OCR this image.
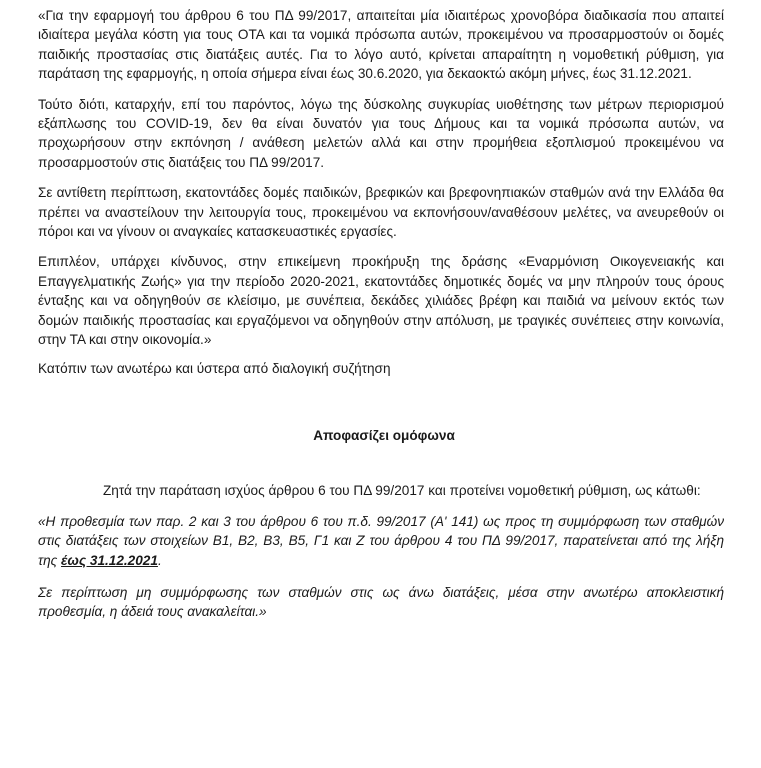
«Για την εφαρμογή του άρθρου 6 του ΠΔ 99/2017, απαιτείται μία ιδιαιτέρως χρονοβόρα διαδικασία που απαιτεί ιδιαίτερα μεγάλα κόστη για τους ΟΤΑ και τα νομικά πρόσωπα αυτών, προκειμένου να προσαρμοστούν οι δομές παιδικής προστασίας στις διατάξεις αυτές. Για το λόγο αυτό, κρίνεται απαραίτητη η νομοθετική ρύθμιση, για παράταση της εφαρμογής, η οποία σήμερα είναι έως 30.6.2020, για δεκαοκτώ ακόμη μήνες, έως 31.12.2021.

Τούτο διότι, καταρχήν, επί του παρόντος, λόγω της δύσκολης συγκυρίας υιοθέτησης των μέτρων περιορισμού εξάπλωσης του COVID-19, δεν θα είναι δυνατόν για τους Δήμους και τα νομικά πρόσωπα αυτών, να προχωρήσουν στην εκπόνηση / ανάθεση μελετών αλλά και στην προμήθεια εξοπλισμού προκειμένου να προσαρμοστούν στις διατάξεις του ΠΔ 99/2017.

Σε αντίθετη περίπτωση, εκατοντάδες δομές παιδικών, βρεφικών και βρεφονηπιακών σταθμών ανά την Ελλάδα θα πρέπει να αναστείλουν την λειτουργία τους, προκειμένου να εκπονήσουν/αναθέσουν μελέτες, να ανευρεθούν οι πόροι και να γίνουν οι αναγκαίες κατασκευαστικές εργασίες.

Επιπλέον, υπάρχει κίνδυνος, στην επικείμενη προκήρυξη της δράσης «Εναρμόνιση Οικογενειακής και Επαγγελματικής Ζωής» για την περίοδο 2020-2021, εκατοντάδες δημοτικές δομές να μην πληρούν τους όρους ένταξης και να οδηγηθούν σε κλείσιμο, με συνέπεια, δεκάδες χιλιάδες βρέφη και παιδιά να μείνουν εκτός των δομών παιδικής προστασίας και εργαζόμενοι να οδηγηθούν στην απόλυση, με τραγικές συνέπειες στην κοινωνία, στην ΤΑ και στην οικονομία.»

Κατόπιν των ανωτέρω και ύστερα από διαλογική συζήτηση

Αποφασίζει ομόφωνα

Ζητά την παράταση ισχύος άρθρου 6 του ΠΔ 99/2017 και προτείνει νομοθετική ρύθμιση, ως κάτωθι:

«Η προθεσμία των παρ. 2 και 3 του άρθρου 6 του π.δ. 99/2017 (Α' 141) ως προς τη συμμόρφωση των σταθμών στις διατάξεις των στοιχείων Β1, Β2, Β3, Β5, Γ1 και Ζ του άρθρου 4 του ΠΔ 99/2017, παρατείνεται από της λήξη της έως 31.12.2021.

Σε περίπτωση μη συμμόρφωσης των σταθμών στις ως άνω διατάξεις, μέσα στην ανωτέρω αποκλειστική προθεσμία, η άδειά τους ανακαλείται.»
